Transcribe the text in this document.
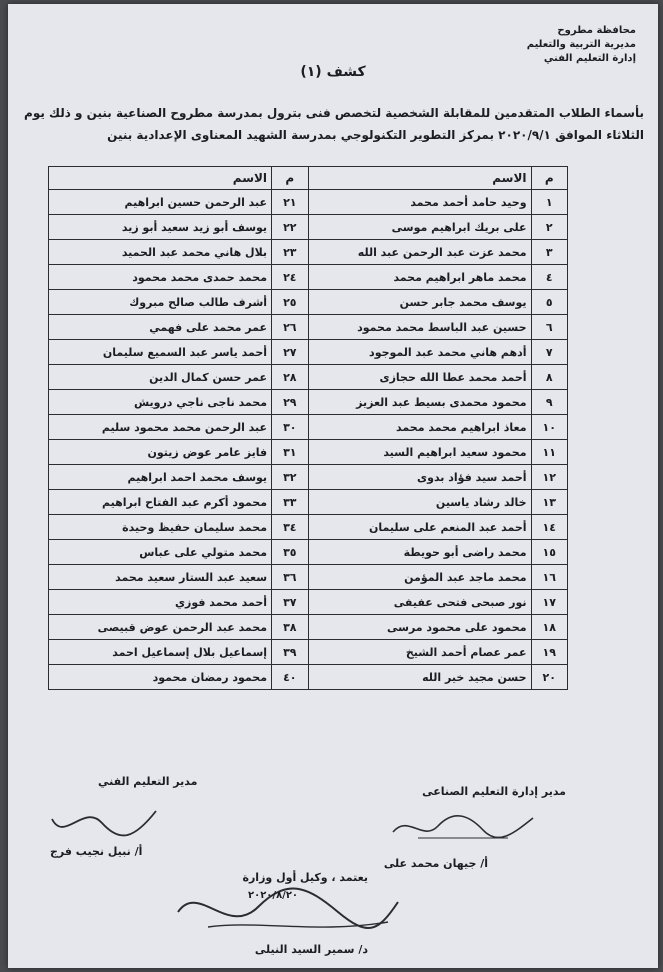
محافظة مطروح
مديرية التربية والتعليم
إدارة التعليم الفني
كشف (١)
بأسماء الطلاب المتقدمين للمقابلة الشخصية لتخصص فنى بترول بمدرسة مطروح الصناعية بنين و ذلك يوم
الثلاثاء الموافق ٢٠٢٠/٩/١ بمركز التطوير التكنولوجي بمدرسة الشهيد المعناوى الإعدادية بنين
م	الاسم	م	الاسم
١	وحيد حامد أحمد محمد	٢١	عبد الرحمن حسين ابراهيم
٢	على بريك ابراهيم موسى	٢٢	يوسف أبو زيد سعيد أبو زيد
٣	محمد عزت عبد الرحمن عبد الله	٢٣	بلال هاني محمد عبد الحميد
٤	محمد ماهر ابراهيم محمد	٢٤	محمد حمدى محمد محمود
٥	يوسف محمد جابر حسن	٢٥	أشرف طالب صالح مبروك
٦	حسين عبد الباسط محمد محمود	٢٦	عمر محمد على فهمي
٧	أدهم هاني محمد عبد الموجود	٢٧	أحمد ياسر عبد السميع سليمان
٨	أحمد محمد عطا الله حجازى	٢٨	عمر حسن كمال الدين
٩	محمود محمدى بسيط عبد العزيز	٢٩	محمد ناجى ناجي درويش
١٠	معاذ ابراهيم محمد محمد	٣٠	عبد الرحمن محمد محمود سليم
١١	محمود سعيد ابراهيم السيد	٣١	فايز عامر عوض زيتون
١٢	أحمد سيد فؤاد بدوى	٣٢	يوسف محمد احمد ابراهيم
١٣	خالد رشاد ياسين	٣٣	محمود أكرم عبد الفتاح ابراهيم
١٤	أحمد عبد المنعم على سليمان	٣٤	محمد سليمان حفيظ وحيدة
١٥	محمد راضى أبو حويطة	٣٥	محمد متولي على عباس
١٦	محمد ماجد عبد المؤمن	٣٦	سعيد عبد الستار سعيد محمد
١٧	نور صبحى فتحى عفيفى	٣٧	أحمد محمد فوزي
١٨	محمود على محمود مرسى	٣٨	محمد عبد الرحمن عوض قبيصى
١٩	عمر عصام أحمد الشيخ	٣٩	إسماعيل بلال إسماعيل احمد
٢٠	حسن مجيد خير الله	٤٠	محمود رمضان محمود
مدير إدارة التعليم الصناعى
أ/ جيهان محمد على
مدير التعليم الفني
أ/ نبيل نجيب فرج
يعتمد ، وكيل أول وزارة
٢٠٢٠/٨/٢٠
د/ سمير السيد النيلى
